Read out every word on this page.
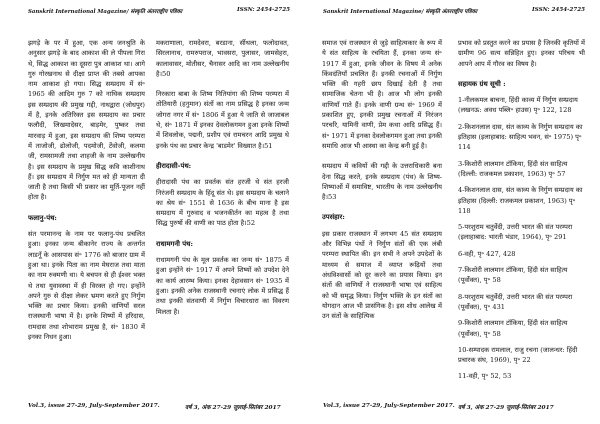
Sanskrit International Magazine/ संस्कृति अंतरराष्ट्रीय पत्रिका	ISSN: 2454-2725

झगड़े के पर में हुआ, एक अन्य जनश्रुति के अनुसार झगड़े के बाद आकाश की ले पीपला गिरा थे, सिद्ध आकाश का दूसरा पुत्र आकाश था। आगे गुरु गोरखनाथ से दीक्षा प्राप्त की तबसे आपका नाम आकाश हो गया। सिद्ध सम्प्रदाय में सं॰ 1965 की आदिम गुरु 7 को नाथिक सम्प्रदाय इस सम्प्रदाय की प्रमुख गद्दी, नाथद्वारा (जोधपुर) में है, इनके अतिरिक्त इस सम्प्रदाय का प्रचार फलौदी, लिखमादेसर, बाड़मेर, पुष्कर तथा मारवाड़ में हुआ, इस सम्प्रदाय की शिष्य परम्परा में ताजोजी, ढोलोजी, पदमोजी, टेंवोजी, कलमा जी, रामसामजी तथा शाहजी के नाम उल्लेखनीय है। इस सम्प्रदाय के प्रमुख सिद्ध कवि काशीनाथ हैं। इस सम्प्रदाय में निर्गुण मत को ही मान्यता दी जाती है तथा किसी भी प्रकार का मूर्ति-पूजन नहीं होता है।

फलानु-पंथ:

संत परमानन्द के नाम पर फलानु-पंथ प्रचलित हुआ। इनका जन्म बीकानेर राज्य के अन्तर्गत लाडनूँ के आसपास सं॰ 1776 को बाजार ग्राम में हुआ था। इनके पिता का नाम मेघराज तथा माता का नाम रुक्मणी था। ये बचपन से ही ईश्वर भक्त थे तथा युवावस्था में ही विरक्त हो गए। इन्होंने अपने गुरु से दीक्षा लेकर भ्रमण करते हुए निर्गुण भक्ति का प्रचार किया। इनकी वाणियाँ सरल राजस्थानी भाषा में है। इनके शिष्यों में हरिदास, रामदास तथा शोभाराम प्रमुख है, सं॰ 1830 में इनका निधन हुआ।

मकराणाला, रामदेवरा, बरडाना, सींथला, फलोदावत, सिरलानाथ, रामरुपराज, भावसरा, पुलासर, जामसेहरा, कालावासर, मोतीसर, चैनासर आदि का नाम उल्लेखनीय है।50

निरकारा बाबा के शिष्य नितियांगा की शिष्य परम्परा में तोतियारी (हनुमान) संतों का नाम प्रसिद्ध है इनका जन्म जोगरा नगर में सं॰ 1806 में हुआ ये जाति से जाजाबल थे, सं॰ 1871 में इनका देवलोकगमन हुआ इनके शिष्यों में शिवलोक, पद्मनी, प्रशीप एवं रामचरन आदि प्रमुख थे इनके पंथ का प्रचार केन्द्र 'बाडमेर' विख्यात है।51

हीरादासी-पंथ:

हीरादासी पंथ का प्रवर्तक संत हरजी थे संत हरजी निरंजनी सम्प्रदाय के हिंदू संत थे। इस सम्प्रदाय के चलाने का श्रेय सं॰ 1551 से 1636 के बीच माना है इस सम्प्रदाय में गुरुवाद व भजनकीर्तन का महत्व है तथा सिद्ध पुरुषों की वाणी का पाठ होता है।52

राधामगनी पंथ:

राधामगनी पंथ के मूल प्रवर्तक का जन्म सं॰ 1875 में हुआ इन्होंने सं॰ 1917 में अपने शिष्यों को उपदेश देने का कार्य आरम्भ किया। इनका देहावसान सं॰ 1935 में हुआ। इनकी अनेक राजस्थानी रचनाएं लोक में प्रसिद्ध हैं तथा इनकी संतवाणी में निर्गुण विचारधारा का विवरण मिलता है।

Vol.3, issue 27-29, July-September 2017.	वर्ष 3, अंक 27-29 जुलाई-सितंबर 2017
Sanskrit International Magazine/ संस्कृति अंतरराष्ट्रीय पत्रिका	ISSN: 2454-2725

समाज एवं राजस्थान से जुड़े साहित्यकार के रूप में ये संत साहित्य के रचयिता हैं, इनका जन्म सं॰ 1917 में हुआ, इनके जीवन के विषय में अनेक किंवदंतियाँ प्रचलित हैं। इनकी रचनाओं में निर्गुण भक्ति की गहरी छाप दिखाई देती है तथा सामाजिक चेतना भी है। आज भी लोग इनकी वाणियाँ गाते हैं। इनके वाणी ग्रन्थ सं॰ 1969 में प्रकाशित हुए, इनकी प्रमुख रचनाओं में निरंजन परचरि, यामिनी वाणी, प्रेम कथा आदि प्रसिद्ध हैं। सं॰ 1971 में इनका देवलोकगमन हुआ तथा इनकी समाधि आज भी आस्था का केन्द्र बनी हुई है।

सम्प्रदाय में कवियों की गद्दी के उत्तराधिकारी बना देना सिद्ध करते, इनके सम्प्रदाय (पंथ) के शिष्य-शिष्याओं में समाविष्ट, भारतीय के नाम उल्लेखनीय है।53

उपसंहार:

इस प्रकार राजस्थान में लगभग 45 संत सम्प्रदाय और विभिन्न पंथों ने निर्गुण संतों की एक लंबी परम्परा स्थापित की। इन सभी ने अपने उपदेशों के माध्यम से समाज में व्याप्त रूढ़ियों तथा अंधविश्वासों को दूर करने का प्रयास किया। इन संतों की वाणियों ने राजस्थानी भाषा एवं साहित्य को भी समृद्ध किया। निर्गुण भक्ति के इन संतों का योगदान आज भी प्रासंगिक है। इस शोध आलेख में उन संतों के साहित्यिक

प्रभाव को प्रस्तुत करने का प्रयास है जिनकी कृतियों में ग्रामीण 96 सत्य सन्निहित हुए। इनका परिचय भी आपने आप में गौरव का विषय है।

सहायक ग्रंथ सूची :

1-नीलकमल बाचना, हिंदी काव्य में निर्गुण सम्प्रदाय (लखनऊ: अवध पब्लि॰ हाउस) पृ॰ 122, 128

2-किशनलाल दास, संत काव्य के निर्गुण सम्प्रदाय का इतिहास (इलाहाबाद: साहित्य भवन, सं॰ 1975) पृ॰ 114

3-किशोरी लालमान टॉकिया, हिंदी संत साहित्य (दिल्ली: राजकमल प्रकाशन, 1963) पृ॰ 57

4-किशनलाल दास, संत काव्य के निर्गुण सम्प्रदाय का इतिहास (दिल्ली: राजकमल प्रकाशन, 1963) पृ॰ 118

5-परशुराम चतुर्वेदी, उत्तरी भारत की संत परम्परा (इलाहाबाद: भारती भंडार, 1964), पृ॰ 291

6-वही, पृ॰ 427, 428

7-किशोरी लालमान टॉकिया, हिंदी संत साहित्य (पूर्वोक्त), पृ॰ 58

8-परशुराम चतुर्वेदी, उत्तरी भारत की संत परम्परा (पूर्वोक्त), पृ॰ 431

9-किशोरी लालमान टॉकिया, हिंदी संत साहित्य (पूर्वोक्त), पृ॰ 58

10-सम्पादक रामलाल, राजु रचना (जालन्धर: हिंदी प्रचारक संघ, 1969), पृ॰ 22

11-वही, पृ॰ 52, 53

Vol.3, issue 27-29, July-September 2017. वर्ष 3, अंक 27-29 जुलाई-सितंबर 2017
